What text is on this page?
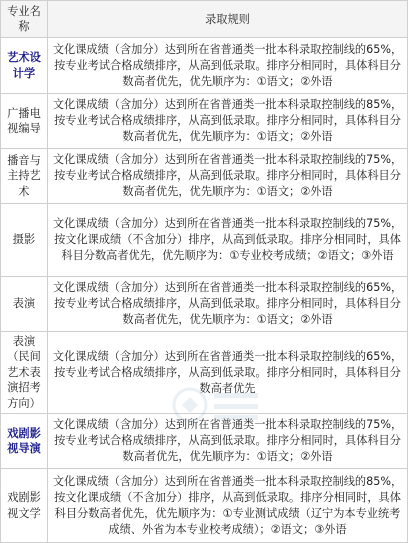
专业名称	录取规则
艺术设计学	文化课成绩（含加分）达到所在省普通类一批本科录取控制线的65%，按专业考试合格成绩排序，从高到低录取。排序分相同时，具体科目分数高者优先，优先顺序为：①语文；②外语
广播电视编导	文化课成绩（含加分）达到所在省普通类一批本科录取控制线的85%，按专业考试合格成绩排序，从高到低录取。排序分相同时，具体科目分数高者优先，优先顺序为：①语文；②外语
播音与主持艺术	文化课成绩（含加分）达到所在省普通类一批本科录取控制线的75%，按专业考试合格成绩排序，从高到低录取。排序分相同时，具体科目分数高者优先，优先顺序为：①语文；②外语
摄影	文化课成绩（含加分）达到所在省普通类一批本科录取控制线的75%，按文化课成绩（不含加分）排序，从高到低录取。排序分相同时，具体科目分数高者优先，优先顺序为：①专业校考成绩；②语文；③外语
表演	文化课成绩（含加分）达到所在省普通类一批本科录取控制线的65%，按专业考试合格成绩排序，从高到低录取。排序分相同时，具体科目分数高者优先，优先顺序为：①语文；②外语
表演（民间艺术表演招考方向）	文化课成绩（含加分）达到所在省普通类一批本科录取控制线的65%，按专业考试合格成绩排序，从高到低录取。排序分相同时，具体科目分数高者优先
戏剧影视导演	文化课成绩（含加分）达到所在省普通类一批本科录取控制线的75%，按专业考试合格成绩排序，从高到低录取。排序分相同时，具体科目分数高者优先，优先顺序为：①语文；②外语
戏剧影视文学	文化课成绩（含加分）达到所在省普通类一批本科录取控制线的85%，按文化课成绩（不含加分）排序，从高到低录取。排序分相同时，具体科目分数高者优先，优先顺序为：①专业测试成绩（辽宁为本专业统考成绩、外省为本专业校考成绩）；②语文；③外语
